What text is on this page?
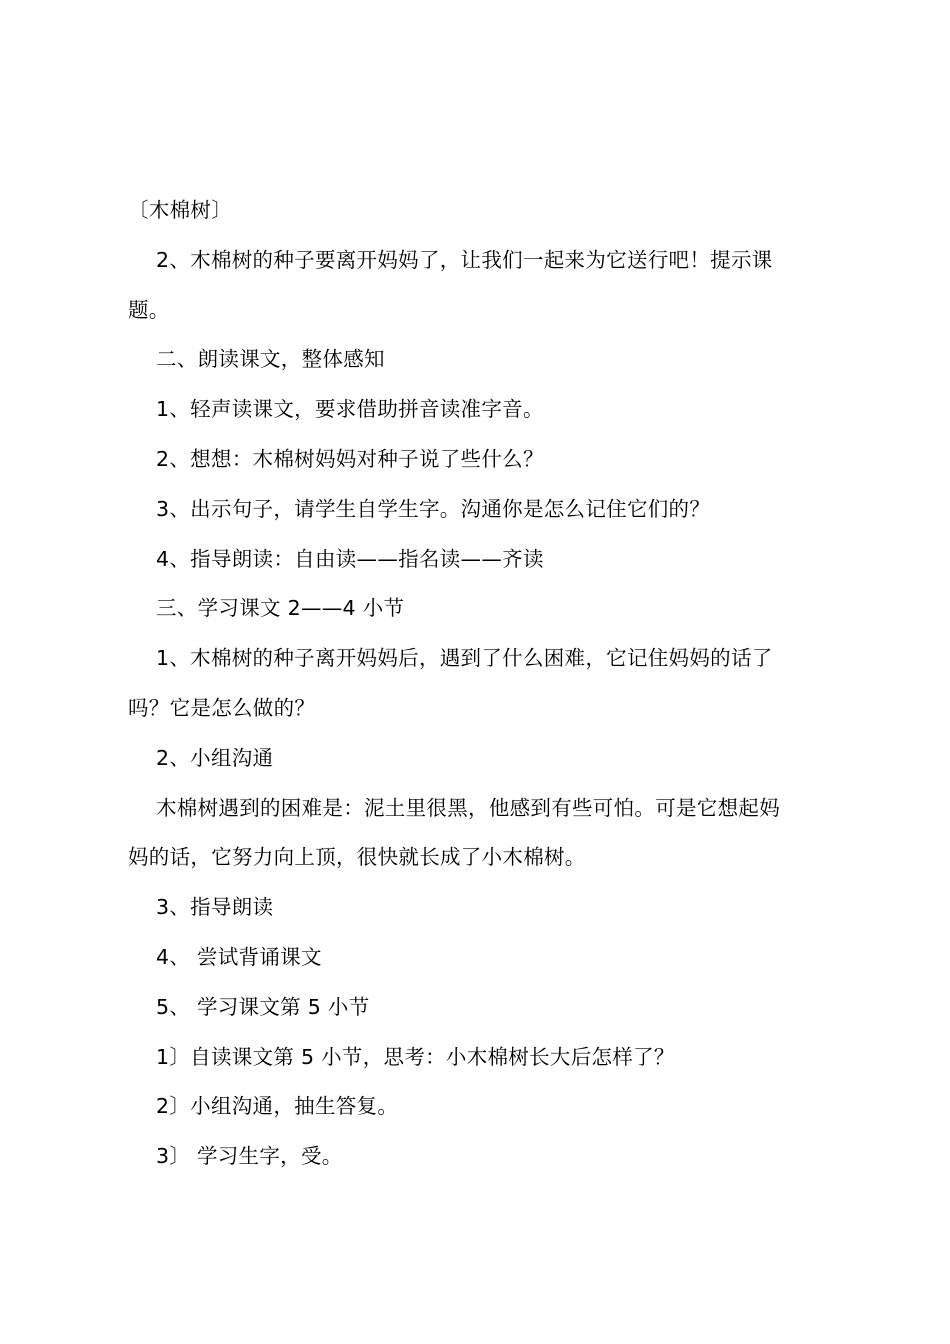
〔木棉树〕
2、木棉树的种子要离开妈妈了，让我们一起来为它送行吧！提示课
题。
二、朗读课文，整体感知
1、轻声读课文，要求借助拼音读准字音。
2、想想：木棉树妈妈对种子说了些什么？
3、出示句子，请学生自学生字。沟通你是怎么记住它们的？
4、指导朗读：自由读——指名读——齐读
三、学习课文 2——4 小节
1、木棉树的种子离开妈妈后，遇到了什么困难，它记住妈妈的话了
吗？它是怎么做的？
2、小组沟通
木棉树遇到的困难是：泥土里很黑，他感到有些可怕。可是它想起妈
妈的话，它努力向上顶，很快就长成了小木棉树。
3、指导朗读
4、 尝试背诵课文
5、 学习课文第 5 小节
1〕自读课文第 5 小节，思考：小木棉树长大后怎样了？
2〕小组沟通，抽生答复。
3〕 学习生字，受。
